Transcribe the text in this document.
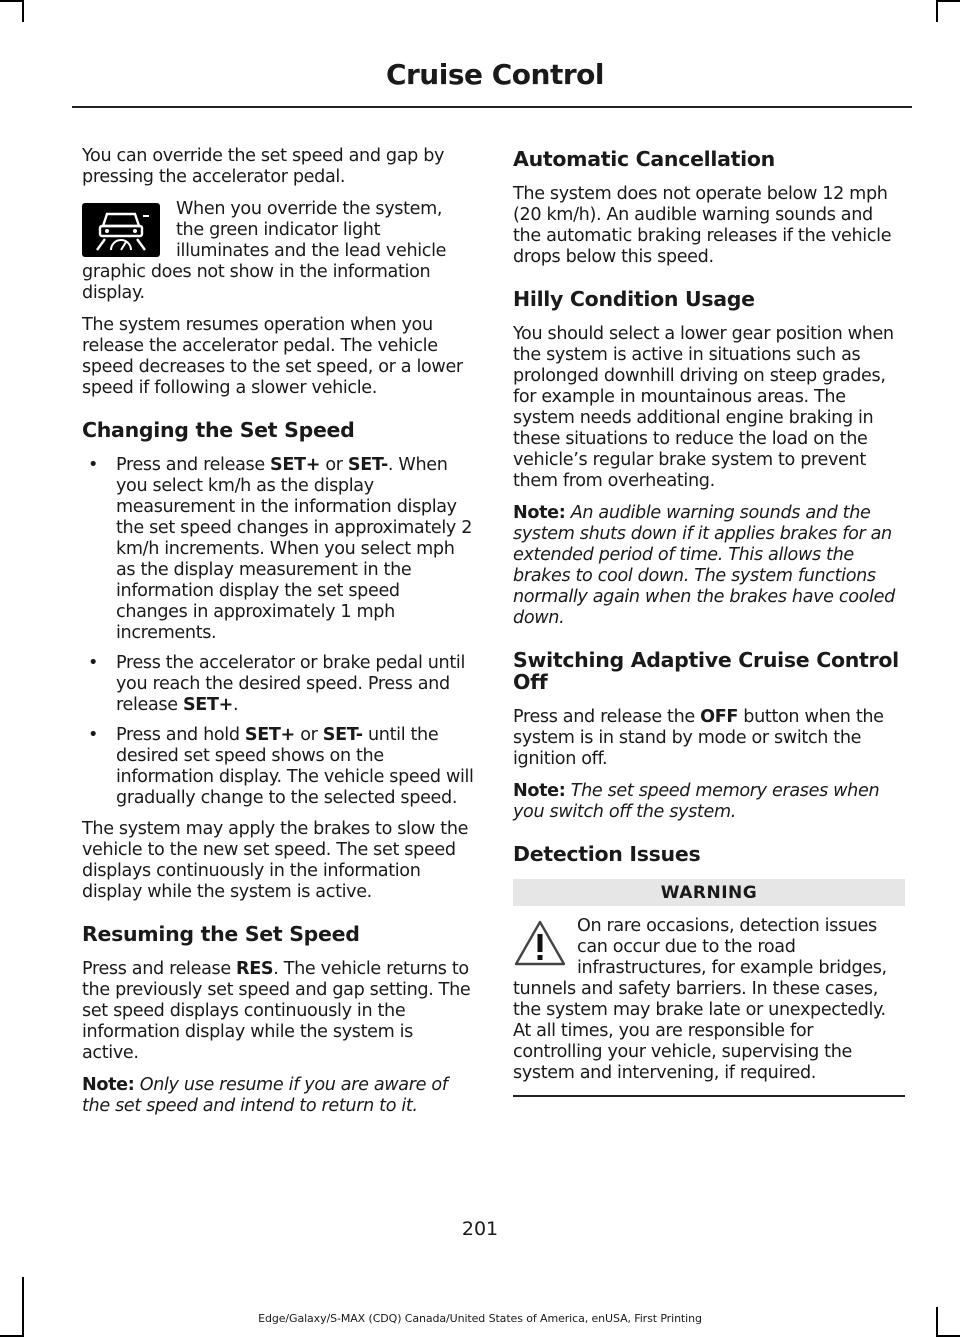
Cruise Control

You can override the set speed and gap by pressing the accelerator pedal.

When you override the system, the green indicator light illuminates and the lead vehicle graphic does not show in the information display.

The system resumes operation when you release the accelerator pedal. The vehicle speed decreases to the set speed, or a lower speed if following a slower vehicle.

Changing the Set Speed
• Press and release SET+ or SET-. When you select km/h as the display measurement in the information display the set speed changes in approximately 2 km/h increments. When you select mph as the display measurement in the information display the set speed changes in approximately 1 mph increments.
• Press the accelerator or brake pedal until you reach the desired speed. Press and release SET+.
• Press and hold SET+ or SET- until the desired set speed shows on the information display. The vehicle speed will gradually change to the selected speed.

The system may apply the brakes to slow the vehicle to the new set speed. The set speed displays continuously in the information display while the system is active.

Resuming the Set Speed

Press and release RES. The vehicle returns to the previously set speed and gap setting. The set speed displays continuously in the information display while the system is active.

Note: Only use resume if you are aware of the set speed and intend to return to it.

Automatic Cancellation

The system does not operate below 12 mph (20 km/h). An audible warning sounds and the automatic braking releases if the vehicle drops below this speed.

Hilly Condition Usage

You should select a lower gear position when the system is active in situations such as prolonged downhill driving on steep grades, for example in mountainous areas. The system needs additional engine braking in these situations to reduce the load on the vehicle’s regular brake system to prevent them from overheating.

Note: An audible warning sounds and the system shuts down if it applies brakes for an extended period of time. This allows the brakes to cool down. The system functions normally again when the brakes have cooled down.

Switching Adaptive Cruise Control Off

Press and release the OFF button when the system is in stand by mode or switch the ignition off.

Note: The set speed memory erases when you switch off the system.

Detection Issues
WARNING

On rare occasions, detection issues can occur due to the road infrastructures, for example bridges, tunnels and safety barriers. In these cases, the system may brake late or unexpectedly. At all times, you are responsible for controlling your vehicle, supervising the system and intervening, if required.

201
Edge/Galaxy/S-MAX (CDQ) Canada/United States of America, enUSA, First Printing
